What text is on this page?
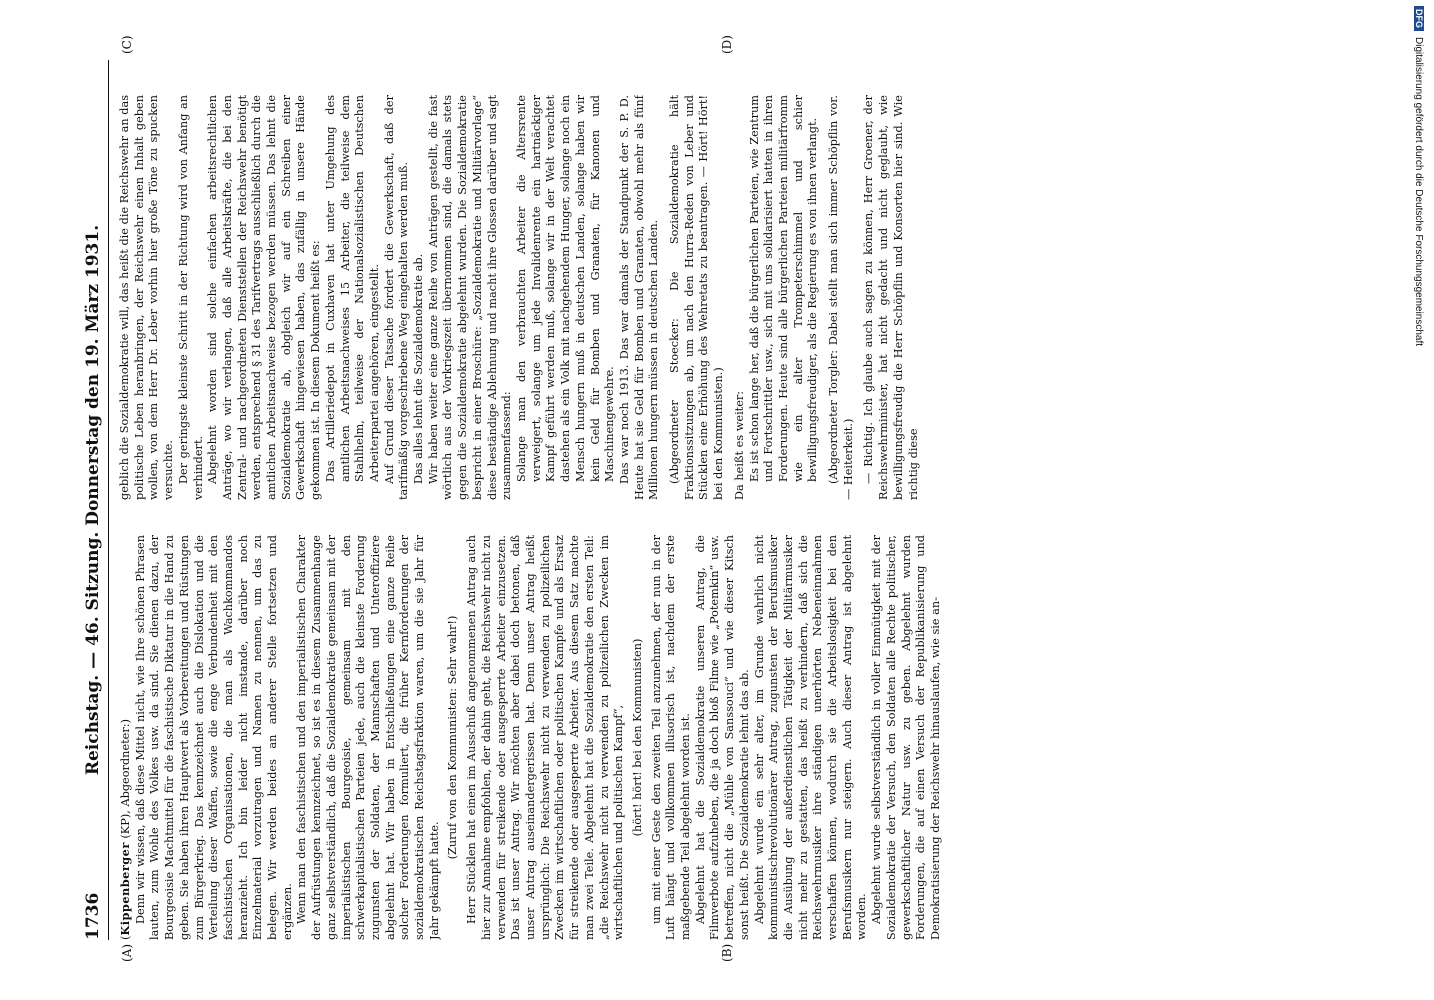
1736
Reichstag. — 46. Sitzung. Donnerstag den 19. März 1931.
(A)	(B)
(C)	(D)

(Kippenberger (KP), Abgeordneter:) Denn wir wissen, daß diese Mittel nicht, wie Ihre schönen Phrasen lauten, zum Wohle des Volkes usw. da sind. Sie dienen dazu, der Bourgeoisie Machtmittel für die faschistische Diktatur in die Hand zu geben. Sie haben ihren Hauptwert als Vorbereitungen und Rüstungen zum Bürgerkrieg. Das kennzeichnet auch die Dislokation und die Verteilung dieser Waffen, sowie die enge Verbundenheit mit den faschistischen Organisationen, die man als Wachkommandos heranzieht. Ich bin leider nicht imstande, darüber noch Einzelmaterial vorzutragen und Namen zu nennen, um das zu belegen. Wir werden beides an anderer Stelle fortsetzen und ergänzen. Wenn man den faschistischen und den imperialistischen Charakter der Aufrüstungen kennzeichnet, so ist es in diesem Zusammenhange ganz selbstverständlich, daß die Sozialdemokratie gemeinsam mit der imperialistischen Bourgeoisie, gemeinsam mit den schwerkapitalistischen Parteien jede, auch die kleinste Forderung zugunsten der Soldaten, der Mannschaften und Unteroffiziere abgelehnt hat. Wir haben in Entschließungen eine ganze Reihe solcher Forderungen formuliert, die früher Kernforderungen der sozialdemokratischen Reichstagsfraktion waren, um die sie Jahr für Jahr gekämpft hatte.

(Zuruf von den Kommunisten: Sehr wahr!) Herr Stücklen hat einen im Ausschuß angenommenen Antrag auch hier zur Annahme empfohlen, der dahin geht, die Reichswehr nicht zu verwenden für streikende oder ausgesperrte Arbeiter einzusetzen. Das ist unser Antrag. Wir möchten aber dabei doch betonen, daß unser Antrag auseinandergerissen hat. Denn unser Antrag heißt ursprünglich: Die Reichswehr nicht zu verwenden zu polizeilichen Zwecken im wirtschaftlichen oder politischen Kampfe und als Ersatz für streikende oder ausgesperrte Arbeiter. Aus diesem Satz machte man zwei Teile. Abgelehnt hat die Sozialdemokratie den ersten Teil: „die Reichswehr nicht zu verwenden zu polizeilichen Zwecken im wirtschaftlichen und politischen Kampf“, (hört! hört! bei den Kommunisten) um mit einer Geste den zweiten Teil anzunehmen, der nun in der Luft hängt und vollkommen illusorisch ist, nachdem der erste maßgebende Teil abgelehnt worden ist. Abgelehnt hat die Sozialdemokratie unseren Antrag, die Filmverbote aufzuheben, die ja doch bloß Filme wie „Potemkin“ usw. betreffen, nicht die „Mühle von Sanssouci“ und wie dieser Kitsch sonst heißt. Die Sozialdemokratie lehnt das ab. Abgelehnt wurde ein sehr alter, im Grunde wahrlich nicht kommunistischrevolutionärer Antrag, zugunsten der Berufsmusiker die Ausübung der außerdienstlichen Tätigkeit der Militärmusiker nicht mehr zu gestatten, das heißt zu verhindern, daß sich die Reichswehrmusiker ihre ständigen unerhörten Nebeneinnahmen verschaffen können, wodurch sie die Arbeitslosigkeit bei den Berufsmusikern nur steigern. Auch dieser Antrag ist abgelehnt worden. Abgelehnt wurde selbstverständlich in voller Einmütigkeit mit der Sozialdemokratie der Versuch, den Soldaten alle Rechte politischer, gewerkschaftlicher Natur usw. zu geben. Abgelehnt wurden Forderungen, die auf einen Versuch der Republikanisierung und Demokratisierung der Reichswehr hinauslaufen, wie sie an-

geblich die Sozialdemokratie will, das heißt die die Reichswehr an das politische Leben heranbringen, der Reichswehr einen Inhalt geben wollen, von dem Herr Dr. Leber vorhin hier große Töne zu spucken versuchte. Der geringste kleinste Schritt in der Richtung wird von Anfang an verhindert. Abgelehnt worden sind solche einfachen arbeitsrechtlichen Anträge, wo wir verlangen, daß alle Arbeitskräfte, die bei den Zentral- und nachgeordneten Dienststellen der Reichswehr benötigt werden, entsprechend § 31 des Tarifvertrags ausschließlich durch die amtlichen Arbeitsnachweise bezogen werden müssen. Das lehnt die Sozialdemokratie ab, obgleich wir auf ein Schreiben einer Gewerkschaft hingewiesen haben, das zufällig in unsere Hände gekommen ist. In diesem Dokument heißt es: Das Artilleriedepot in Cuxhaven hat unter Umgehung des amtlichen Arbeitsnachweises 15 Arbeiter, die teilweise dem Stahlhelm, teilweise der Nationalsozialistischen Deutschen Arbeiterpartei angehören, eingestellt. Auf Grund dieser Tatsache fordert die Gewerkschaft, daß der tarifmäßig vorgeschriebene Weg eingehalten werden muß. Das alles lehnt die Sozialdemokratie ab. Wir haben weiter eine ganze Reihe von Anträgen gestellt, die fast wörtlich aus der Vorkriegszeit übernommen sind, die damals stets gegen die Sozialdemokratie abgelehnt wurden. Die Sozialdemokratie bespricht in einer Broschüre: „Sozialdemokratie und Militärvorlage“ diese beständige Ablehnung und macht ihre Glossen darüber und sagt zusammenfassend: Solange man den verbrauchten Arbeiter die Altersrente verweigert, solange um jede Invalidenrente ein hartnäckiger Kampf geführt werden muß, solange wir in der Welt verachtet dastehen als ein Volk mit nachgehendem Hunger, solange noch ein Mensch hungern muß in deutschen Landen, solange haben wir kein Geld für Bomben und Granaten, für Kanonen und Maschinengewehre. Das war noch 1913. Das war damals der Standpunkt der S. P. D. Heute hat sie Geld für Bomben und Granaten, obwohl mehr als fünf Millionen hungern müssen in deutschen Landen. (Abgeordneter Stoecker: Die Sozialdemokratie hält Fraktionssitzungen ab, um nach den Hurra-Reden von Leber und Stücklen eine Erhöhung des Wehretats zu beantragen. — Hört! Hört! bei den Kommunisten.) Da heißt es weiter: Es ist schon lange her, daß die bürgerlichen Parteien, wie Zentrum und Fortschrittler usw., sich mit uns solidarisiert hatten in ihren Forderungen. Heute sind alle bürgerlichen Parteien militärfromm wie ein alter Trompeterschimmel und schier bewilligungsfreudiger, als die Regierung es von ihnen verlangt. (Abgeordneter Torgler: Dabei stellt man sich immer Schöpflin vor. — Heiterkeit.) — Richtig. Ich glaube auch sagen zu können, Herr Groener, der Reichswehrminister, hat nicht gedacht und nicht geglaubt, wie bewilligungsfreudig die Herr Schöpflin und Konsorten hier sind. Wie richtig diese

DFGDigitalisierung gefördert durch die Deutsche Forschungsgemeinschaft
